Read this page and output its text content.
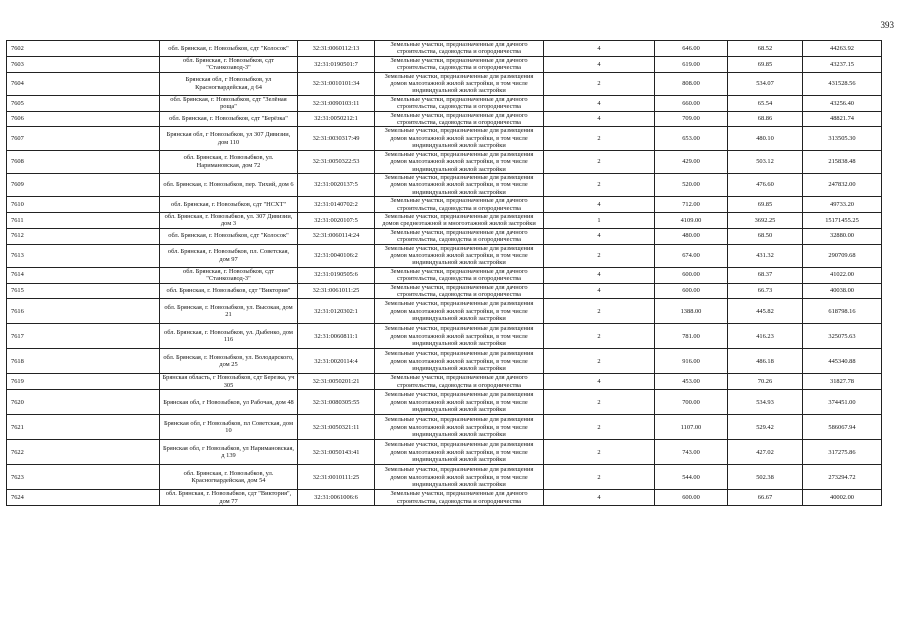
393
7602	обл. Брянская, г. Новозыбков, сдт "Колосок"	32:31:0060112:13	Земельные участки, предназначенные для дачного строительства, садоводства и огородничества	4	646.00	68.52	44263.92
7603	обл. Брянская, г. Новозыбков, сдт "Станкозавод-3"	32:31:0190501:7	Земельные участки, предназначенные для дачного строительства, садоводства и огородничества	4	619.00	69.85	43237.15
7604	Брянская обл, г Новозыбков, ул Красногвардейская, д 64	32:31:0010101:34	Земельные участки, предназначенные для размещения домов малоэтажной жилой застройки, в том числе индивидуальной жилой застройки	2	808.00	534.07	431528.56
7605	обл. Брянская, г. Новозыбков, сдт "Зелёная роща"	32:31:0090103:11	Земельные участки, предназначенные для дачного строительства, садоводства и огородничества	4	660.00	65.54	43256.40
7606	обл. Брянская, г. Новозыбков, сдт "Берёзка"	32:31:0050212:1	Земельные участки, предназначенные для дачного строительства, садоводства и огородничества	4	709.00	68.86	48821.74
7607	Брянская обл, г Новозыбков, ул 307 Дивизии, дом 110	32:31:0030317:49	Земельные участки, предназначенные для размещения домов малоэтажной жилой застройки, в том числе индивидуальной жилой застройки	2	653.00	480.10	313505.30
7608	обл. Брянская, г. Новозыбков, ул. Наримановская, дом 72	32:31:0050322:53	Земельные участки, предназначенные для размещения домов малоэтажной жилой застройки, в том числе индивидуальной жилой застройки	2	429.00	503.12	215838.48
7609	обл. Брянская, г. Новозыбков, пер. Тихий, дом 6	32:31:0020137:5	Земельные участки, предназначенные для размещения домов малоэтажной жилой застройки, в том числе индивидуальной жилой застройки	2	520.00	476.60	247832.00
7610	обл. Брянская, г. Новозыбков, сдт "НСХТ"	32:31:0140702:2	Земельные участки, предназначенные для дачного строительства, садоводства и огородничества	4	712.00	69.85	49733.20
7611	обл. Брянская, г. Новозыбков, ул. 307 Дивизии, дом 3	32:31:0020107:5	Земельные участки, предназначенные для размещения домов среднеэтажной и многоэтажной жилой застройки	1	4109.00	3692.25	15171455.25
7612	обл. Брянская, г. Новозыбков, сдт "Колосок"	32:31:0060114:24	Земельные участки, предназначенные для дачного строительства, садоводства и огородничества	4	480.00	68.50	32880.00
7613	обл. Брянская, г. Новозыбков, пл. Советская, дом 97	32:31:0040106:2	Земельные участки, предназначенные для размещения домов малоэтажной жилой застройки, в том числе индивидуальной жилой застройки	2	674.00	431.32	290709.68
7614	обл. Брянская, г. Новозыбков, сдт "Станкозавод-3"	32:31:0190505:6	Земельные участки, предназначенные для дачного строительства, садоводства и огородничества	4	600.00	68.37	41022.00
7615	обл. Брянская, г. Новозыбков, сдт "Виктория"	32:31:0061011:25	Земельные участки, предназначенные для дачного строительства, садоводства и огородничества	4	600.00	66.73	40038.00
7616	обл. Брянская, г. Новозыбков, ул. Высокая, дом 21	32:31:0120302:1	Земельные участки, предназначенные для размещения домов малоэтажной жилой застройки, в том числе индивидуальной жилой застройки	2	1388.00	445.82	618798.16
7617	обл. Брянская, г. Новозыбков, ул. Дыбенко, дом 116	32:31:0060811:1	Земельные участки, предназначенные для размещения домов малоэтажной жилой застройки, в том числе индивидуальной жилой застройки	2	781.00	416.23	325075.63
7618	обл. Брянская, г. Новозыбков, ул. Володарского, дом 25	32:31:0020114:4	Земельные участки, предназначенные для размещения домов малоэтажной жилой застройки, в том числе индивидуальной жилой застройки	2	916.00	486.18	445340.88
7619	Брянская область, г Новозыбков, сдт Березка, уч 305	32:31:0050201:21	Земельные участки, предназначенные для дачного строительства, садоводства и огородничества	4	453.00	70.26	31827.78
7620	Брянская обл, г Новозыбков, ул Рабочая, дом 48	32:31:0080305:55	Земельные участки, предназначенные для размещения домов малоэтажной жилой застройки, в том числе индивидуальной жилой застройки	2	700.00	534.93	374451.00
7621	Брянская обл, г Новозыбков, пл Советская, дом 10	32:31:0050321:11	Земельные участки, предназначенные для размещения домов малоэтажной жилой застройки, в том числе индивидуальной жилой застройки	2	1107.00	529.42	586067.94
7622	Брянская обл, г Новозыбков, ул Наримановская, д 139	32:31:0050143:41	Земельные участки, предназначенные для размещения домов малоэтажной жилой застройки, в том числе индивидуальной жилой застройки	2	743.00	427.02	317275.86
7623	обл. Брянская, г. Новозыбков, ул. Красногвардейская, дом 54	32:31:0010111:25	Земельные участки, предназначенные для размещения домов малоэтажной жилой застройки, в том числе индивидуальной жилой застройки	2	544.00	502.38	273294.72
7624	обл. Брянская, г. Новозыбков, сдт "Виктория", дом 77	32:31:0061006:6	Земельные участки, предназначенные для дачного строительства, садоводства и огородничества	4	600.00	66.67	40002.00
